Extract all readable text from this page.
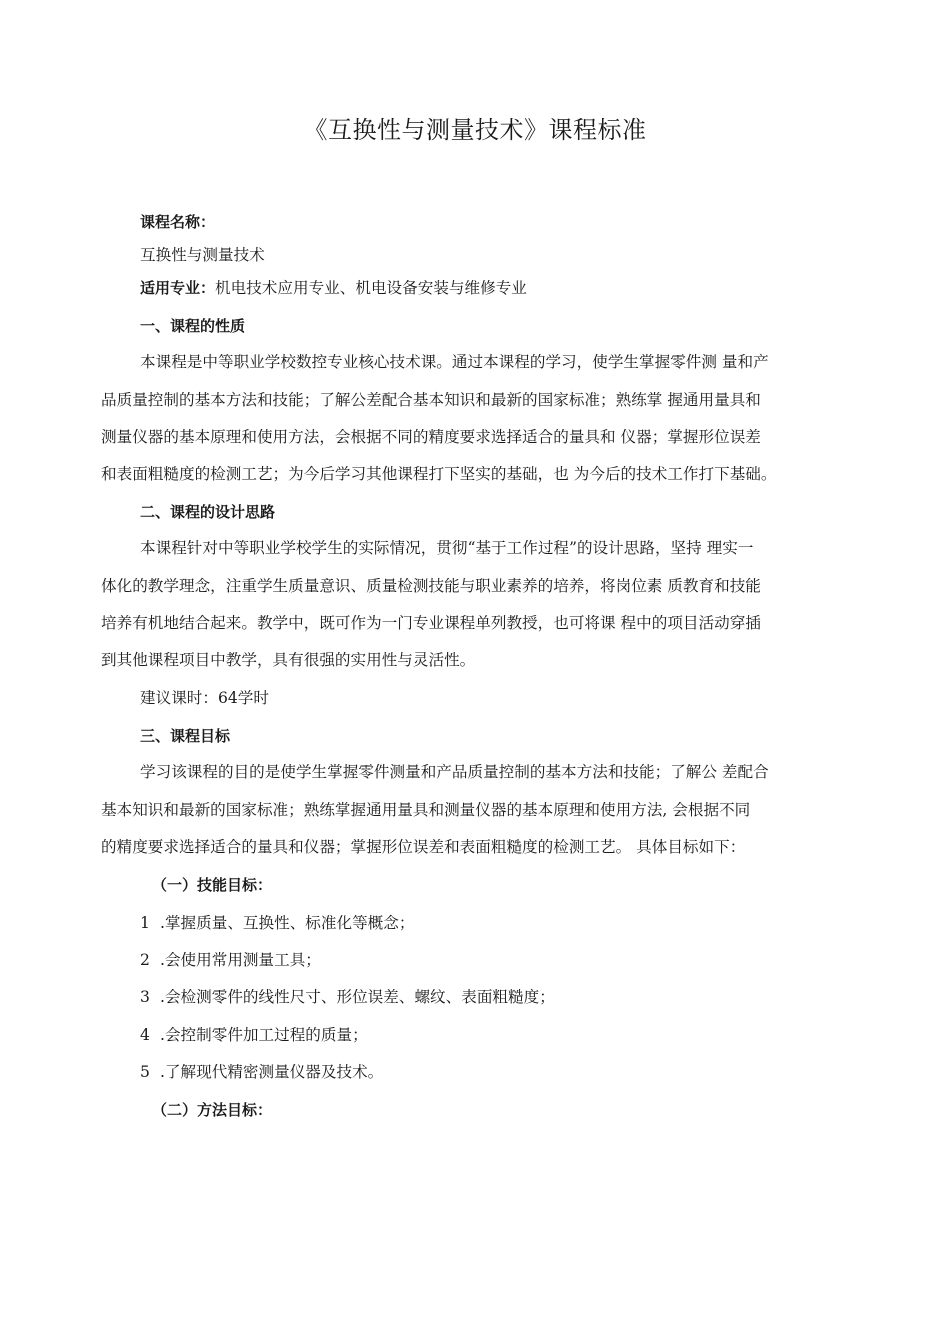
《互换性与测量技术》课程标准
课程名称：
互换性与测量技术
适用专业：机电技术应用专业、机电设备安装与维修专业
一、课程的性质
本课程是中等职业学校数控专业核心技术课。通过本课程的学习，使学生掌握零件测 量和产
品质量控制的基本方法和技能；了解公差配合基本知识和最新的国家标准；熟练掌 握通用量具和
测量仪器的基本原理和使用方法，会根据不同的精度要求选择适合的量具和 仪器；掌握形位误差
和表面粗糙度的检测工艺；为今后学习其他课程打下坚实的基础，也 为今后的技术工作打下基础。
二、课程的设计思路
本课程针对中等职业学校学生的实际情况，贯彻“基于工作过程”的设计思路，坚持 理实一
体化的教学理念，注重学生质量意识、质量检测技能与职业素养的培养，将岗位素 质教育和技能
培养有机地结合起来。教学中，既可作为一门专业课程单列教授，也可将课 程中的项目活动穿插
到其他课程项目中教学，具有很强的实用性与灵活性。
建议课时：64学时
三、课程目标
学习该课程的目的是使学生掌握零件测量和产品质量控制的基本方法和技能；了解公 差配合
基本知识和最新的国家标准；熟练掌握通用量具和测量仪器的基本原理和使用方法, 会根据不同
的精度要求选择适合的量具和仪器；掌握形位误差和表面粗糙度的检测工艺。 具体目标如下：
（一）技能目标：
1 .掌握质量、互换性、标准化等概念；
2 .会使用常用测量工具；
3 .会检测零件的线性尺寸、形位误差、螺纹、表面粗糙度；
4 .会控制零件加工过程的质量；
5 .了解现代精密测量仪器及技术。
（二）方法目标：
